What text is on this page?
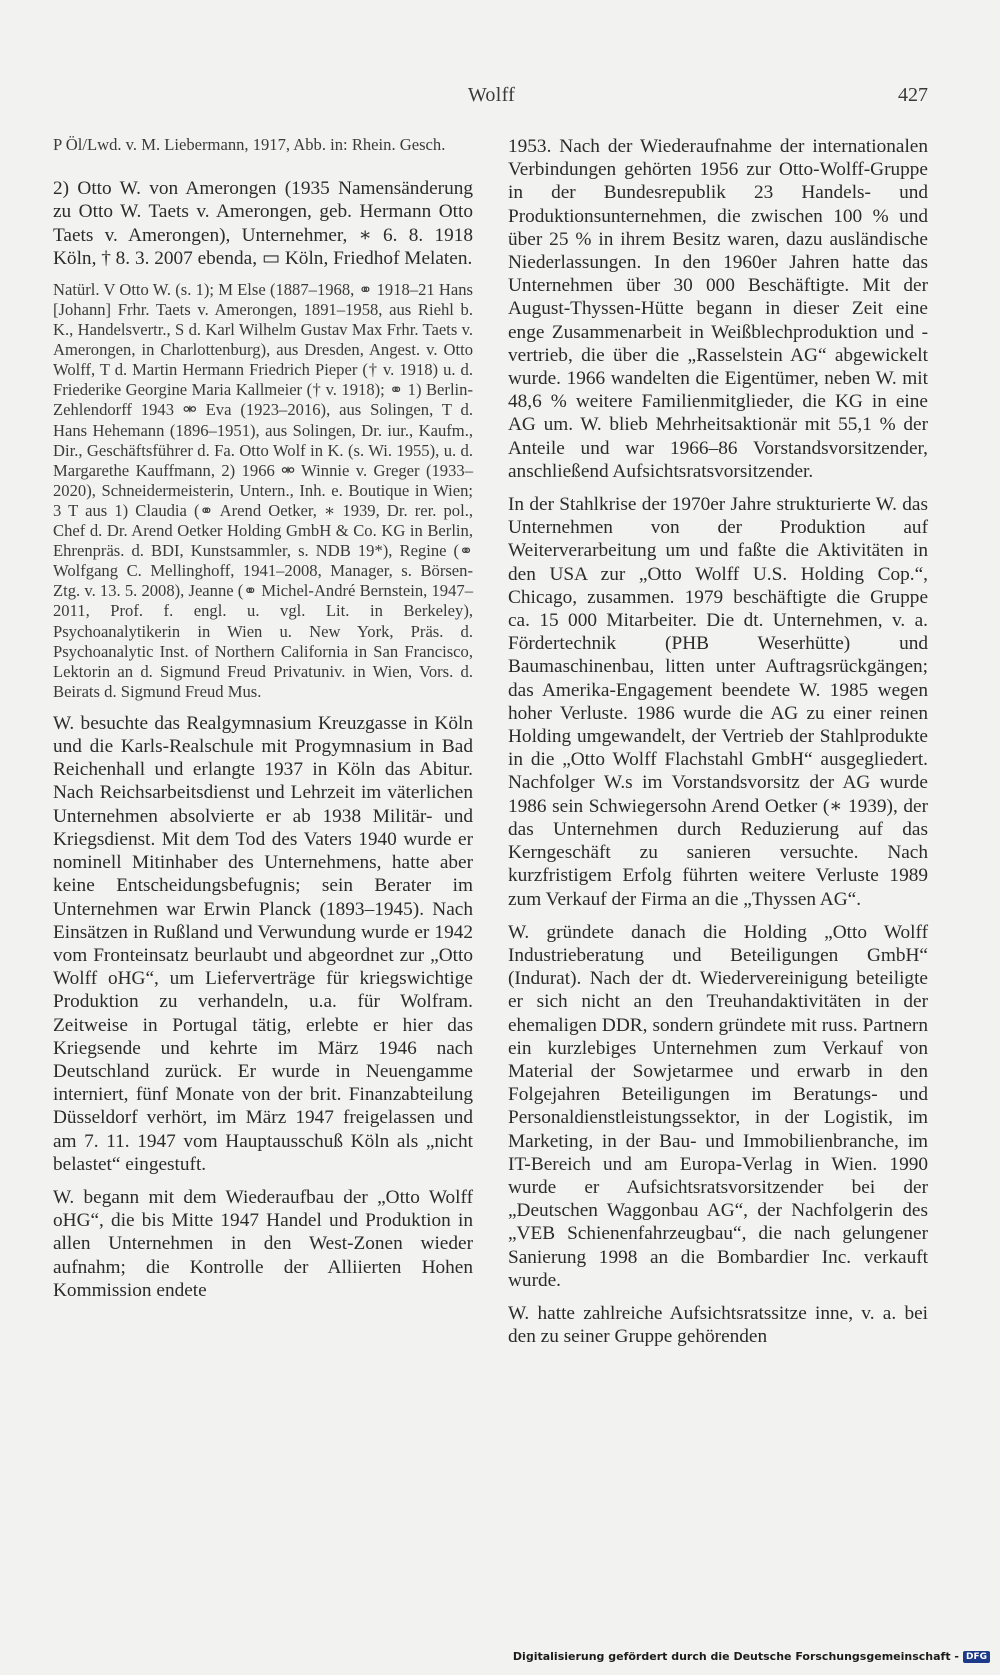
Wolff	427

P Öl/Lwd. v. M. Liebermann, 1917, Abb. in: Rhein. Gesch.

2) Otto W. von Amerongen (1935 Namensänderung zu Otto W. Taets v. Amerongen, geb. Hermann Otto Taets v. Amerongen), Unternehmer, ∗ 6. 8. 1918 Köln, † 8. 3. 2007 ebenda, ▭ Köln, Friedhof Melaten.

Natürl. V Otto W. (s. 1); M Else (1887–1968, ⚭ 1918–21 Hans [Johann] Frhr. Taets v. Amerongen, 1891–1958, aus Riehl b. K., Handelsvertr., S d. Karl Wilhelm Gustav Max Frhr. Taets v. Amerongen, in Charlottenburg), aus Dresden, Angest. v. Otto Wolff, T d. Martin Hermann Friedrich Pieper († v. 1918) u. d. Friederike Georgine Maria Kallmeier († v. 1918); ⚭ 1) Berlin-Zehlendorff 1943 ⚮ Eva (1923–2016), aus Solingen, T d. Hans Hehemann (1896–1951), aus Solingen, Dr. iur., Kaufm., Dir., Geschäftsführer d. Fa. Otto Wolf in K. (s. Wi. 1955), u. d. Margarethe Kauffmann, 2) 1966 ⚮ Winnie v. Greger (1933–2020), Schneidermeisterin, Untern., Inh. e. Boutique in Wien; 3 T aus 1) Claudia (⚭ Arend Oetker, ∗ 1939, Dr. rer. pol., Chef d. Dr. Arend Oetker Holding GmbH & Co. KG in Berlin, Ehrenpräs. d. BDI, Kunstsammler, s. NDB 19*), Regine (⚭ Wolfgang C. Mellinghoff, 1941–2008, Manager, s. Börsen-Ztg. v. 13. 5. 2008), Jeanne (⚭ Michel-André Bernstein, 1947–2011, Prof. f. engl. u. vgl. Lit. in Berkeley), Psychoanalytikerin in Wien u. New York, Präs. d. Psychoanalytic Inst. of Northern California in San Francisco, Lektorin an d. Sigmund Freud Privatuniv. in Wien, Vors. d. Beirats d. Sigmund Freud Mus.

W. besuchte das Realgymnasium Kreuzgasse in Köln und die Karls-Realschule mit Progymnasium in Bad Reichenhall und erlangte 1937 in Köln das Abitur. Nach Reichsarbeitsdienst und Lehrzeit im väterlichen Unternehmen absolvierte er ab 1938 Militär- und Kriegsdienst. Mit dem Tod des Vaters 1940 wurde er nominell Mitinhaber des Unternehmens, hatte aber keine Entscheidungsbefugnis; sein Berater im Unternehmen war Erwin Planck (1893–1945). Nach Einsätzen in Rußland und Verwundung wurde er 1942 vom Fronteinsatz beurlaubt und abgeordnet zur „Otto Wolff oHG“, um Lieferverträge für kriegswichtige Produktion zu verhandeln, u.a. für Wolfram. Zeitweise in Portugal tätig, erlebte er hier das Kriegsende und kehrte im März 1946 nach Deutschland zurück. Er wurde in Neuengamme interniert, fünf Monate von der brit. Finanzabteilung Düsseldorf verhört, im März 1947 freigelassen und am 7. 11. 1947 vom Hauptausschuß Köln als „nicht belastet“ eingestuft.

W. begann mit dem Wiederaufbau der „Otto Wolff oHG“, die bis Mitte 1947 Handel und Produktion in allen Unternehmen in den West-Zonen wieder aufnahm; die Kontrolle der Alliierten Hohen Kommission endete

1953. Nach der Wiederaufnahme der internationalen Verbindungen gehörten 1956 zur Otto-Wolff-Gruppe in der Bundesrepublik 23 Handels- und Produktionsunternehmen, die zwischen 100 % und über 25 % in ihrem Besitz waren, dazu ausländische Niederlassungen. In den 1960er Jahren hatte das Unternehmen über 30 000 Beschäftigte. Mit der August-Thyssen-Hütte begann in dieser Zeit eine enge Zusammenarbeit in Weißblechproduktion und -vertrieb, die über die „Rasselstein AG“ abgewickelt wurde. 1966 wandelten die Eigentümer, neben W. mit 48,6 % weitere Familienmitglieder, die KG in eine AG um. W. blieb Mehrheitsaktionär mit 55,1 % der Anteile und war 1966–86 Vorstandsvorsitzender, anschließend Aufsichtsratsvorsitzender.

In der Stahlkrise der 1970er Jahre strukturierte W. das Unternehmen von der Produktion auf Weiterverarbeitung um und faßte die Aktivitäten in den USA zur „Otto Wolff U.S. Holding Cop.“, Chicago, zusammen. 1979 beschäftigte die Gruppe ca. 15 000 Mitarbeiter. Die dt. Unternehmen, v. a. Fördertechnik (PHB Weserhütte) und Baumaschinenbau, litten unter Auftragsrückgängen; das Amerika-Engagement beendete W. 1985 wegen hoher Verluste. 1986 wurde die AG zu einer reinen Holding umgewandelt, der Vertrieb der Stahlprodukte in die „Otto Wolff Flachstahl GmbH“ ausgegliedert. Nachfolger W.s im Vorstandsvorsitz der AG wurde 1986 sein Schwiegersohn Arend Oetker (∗ 1939), der das Unternehmen durch Reduzierung auf das Kerngeschäft zu sanieren versuchte. Nach kurzfristigem Erfolg führten weitere Verluste 1989 zum Verkauf der Firma an die „Thyssen AG“.

W. gründete danach die Holding „Otto Wolff Industrieberatung und Beteiligungen GmbH“ (Indurat). Nach der dt. Wiedervereinigung beteiligte er sich nicht an den Treuhandaktivitäten in der ehemaligen DDR, sondern gründete mit russ. Partnern ein kurzlebiges Unternehmen zum Verkauf von Material der Sowjetarmee und erwarb in den Folgejahren Beteiligungen im Beratungs- und Personaldienstleistungssektor, in der Logistik, im Marketing, in der Bau- und Immobilienbranche, im IT-Bereich und am Europa-Verlag in Wien. 1990 wurde er Aufsichtsratsvorsitzender bei der „Deutschen Waggonbau AG“, der Nachfolgerin des „VEB Schienenfahrzeugbau“, die nach gelungener Sanierung 1998 an die Bombardier Inc. verkauft wurde.

W. hatte zahlreiche Aufsichtsratssitze inne, v. a. bei den zu seiner Gruppe gehörenden

Digitalisierung gefördert durch die Deutsche Forschungsgemeinschaft - DFG
